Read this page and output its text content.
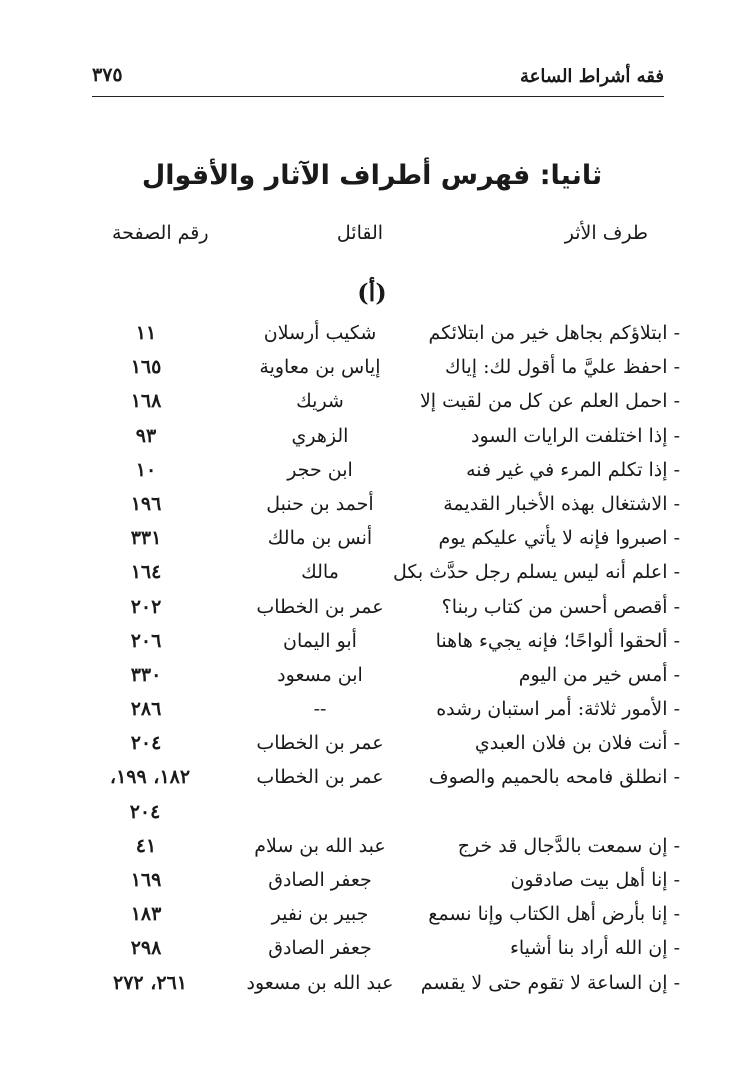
فقه أشراط الساعة
٣٧٥
ثانيا: فهرس أطراف الآثار والأقوال
طرف الأثر
القائل
رقم الصفحة
(أ)
- ابتلاؤكم بجاهل خير من ابتلائكم
شكيب أرسلان
١١
- احفظ عليَّ ما أقول لك: إياك
إياس بن معاوية
١٦٥
- احمل العلم عن كل من لقيت إلا
شريك
١٦٨
- إذا اختلفت الرايات السود
الزهري
٩٣
- إذا تكلم المرء في غير فنه
ابن حجر
١٠
- الاشتغال بهذه الأخبار القديمة
أحمد بن حنبل
١٩٦
- اصبروا فإنه لا يأتي عليكم يوم
أنس بن مالك
٣٣١
- اعلم أنه ليس يسلم رجل حدَّث بكل
مالك
١٦٤
- أقصص أحسن من كتاب ربنا؟
عمر بن الخطاب
٢٠٢
- ألحقوا ألواحًا؛ فإنه يجيء هاهنا
أبو اليمان
٢٠٦
- أمس خير من اليوم
ابن مسعود
٣٣٠
- الأمور ثلاثة: أمر استبان رشده
--
٢٨٦
- أنت فلان بن فلان العبدي
عمر بن الخطاب
٢٠٤
- انطلق فامحه بالحميم والصوف
عمر بن الخطاب
١٨٢، ١٩٩،
٢٠٤
- إن سمعت بالدَّجال قد خرج
عبد الله بن سلام
٤١
- إنا أهل بيت صادقون
جعفر الصادق
١٦٩
- إنا بأرض أهل الكتاب وإنا نسمع
جبير بن نفير
١٨٣
- إن الله أراد بنا أشياء
جعفر الصادق
٢٩٨
- إن الساعة لا تقوم حتى لا يقسم
عبد الله بن مسعود
٢٦١، ٢٧٢
